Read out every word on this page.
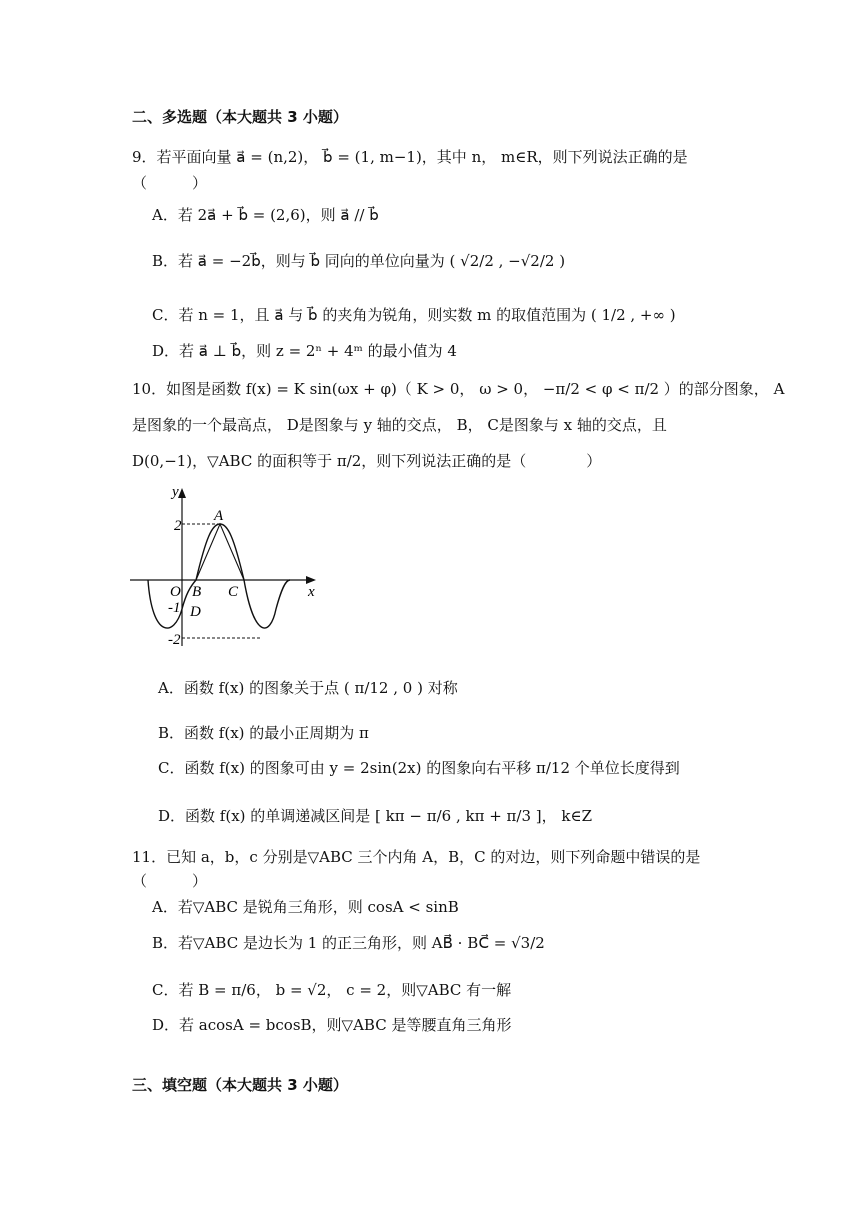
二、多选题（本大题共 3 小题）
9．若平面向量 a⃗ = (n,2)， b⃗ = (1, m−1)，其中 n， m∈R，则下列说法正确的是
（　　　）
A．若 2a⃗ + b⃗ = (2,6)，则 a⃗ // b⃗
B．若 a⃗ = −2b⃗，则与 b⃗ 同向的单位向量为 ( √2/2 , −√2/2 )
C．若 n = 1，且 a⃗ 与 b⃗ 的夹角为锐角，则实数 m 的取值范围为 ( 1/2 , +∞ )
D．若 a⃗ ⊥ b⃗，则 z = 2ⁿ + 4ᵐ 的最小值为 4
10．如图是函数 f(x) = K sin(ωx + φ)（ K > 0， ω > 0， −π/2 < φ < π/2 ）的部分图象， A
是图象的一个最高点， D是图象与 y 轴的交点， B， C是图象与 x 轴的交点，且
D(0,−1)，▽ABC 的面积等于 π/2，则下列说法正确的是（　　　　）
y
x
2
-1
-2
O
A
B C
D
A．函数 f(x) 的图象关于点 ( π/12 , 0 ) 对称
B．函数 f(x) 的最小正周期为 π
C．函数 f(x) 的图象可由 y = 2sin(2x) 的图象向右平移 π/12 个单位长度得到
D．函数 f(x) 的单调递减区间是 [ kπ − π/6 , kπ + π/3 ]， k∈Z
11．已知 a，b，c 分别是▽ABC 三个内角 A，B，C 的对边，则下列命题中错误的是
（　　　）
A．若▽ABC 是锐角三角形，则 cosA < sinB
B．若▽ABC 是边长为 1 的正三角形，则 AB⃗ · BC⃗ = √3/2
C．若 B = π/6， b = √2， c = 2，则▽ABC 有一解
D．若 acosA = bcosB，则▽ABC 是等腰直角三角形
三、填空题（本大题共 3 小题）
